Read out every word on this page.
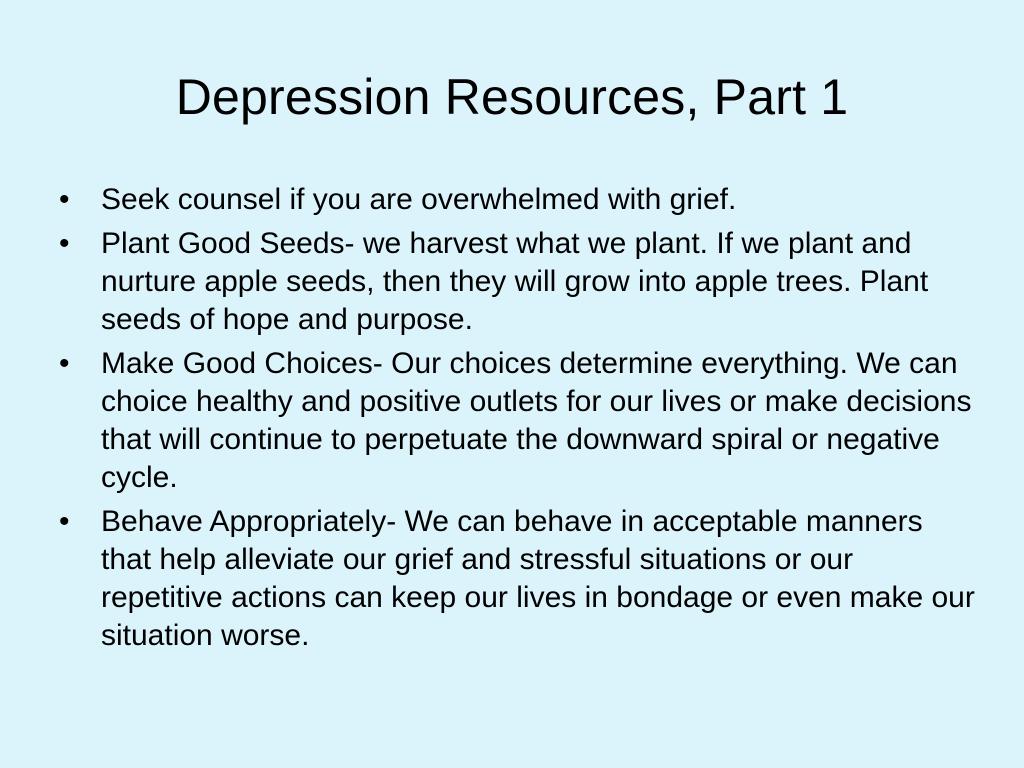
Depression Resources, Part 1
•	Seek counsel if you are overwhelmed with grief.
•	Plant Good Seeds- we harvest what we plant. If we plant and nurture apple seeds, then they will grow into apple trees. Plant seeds of hope and purpose.
•	Make Good Choices- Our choices determine everything. We can choice healthy and positive outlets for our lives or make decisions that will continue to perpetuate the downward spiral or negative cycle.
•	Behave Appropriately- We can behave in acceptable manners that help alleviate our grief and stressful situations or our repetitive actions can keep our lives in bondage or even make our situation worse.
